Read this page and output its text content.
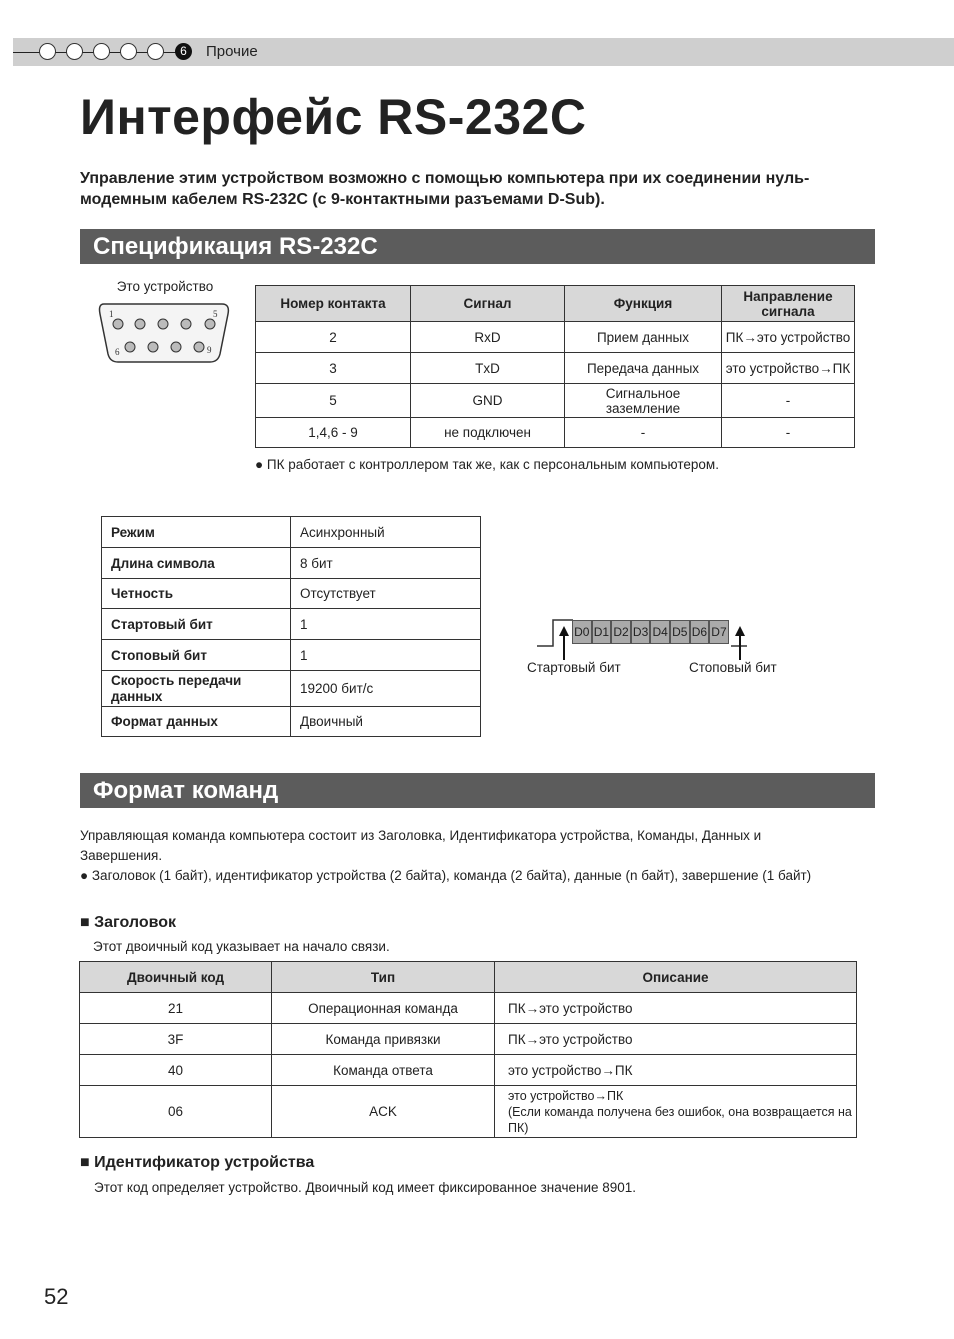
6	Прочие
Интерфейс RS-232C
Управление этим устройством возможно с помощью компьютера при их соединении нуль-модемным кабелем RS-232C (с 9-контактными разъемами D-Sub).
Спецификация RS-232C
Это устройство
1	5
6	9
Номер контакта	Сигнал	Функция	Направление сигнала
2	RxD	Прием данных	ПК→это устройство
3	TxD	Передача данных	это устройство→ПК
5	GND	Сигнальное заземление	-
1,4,6 - 9	не подключен	-	-
● ПК работает с контроллером так же, как с персональным компьютером.
Режим	Асинхронный
Длина символа	8 бит
Четность	Отсутствует
Стартовый бит	1
Стоповый бит	1
Скорость передачи данных	19200 бит/с
Формат данных	Двоичный
D0 D1 D2 D3 D4 D5 D6 D7
Стартовый бит	Стоповый бит
Формат команд
Управляющая команда компьютера состоит из Заголовка, Идентификатора устройства, Команды, Данных и Завершения.
● Заголовок (1 байт), идентификатор устройства (2 байта), команда (2 байта), данные (n байт), завершение (1 байт)
■ Заголовок
Этот двоичный код указывает на начало связи.
Двоичный код	Тип	Описание
21	Операционная команда	ПК→это устройство
3F	Команда привязки	ПК→это устройство
40	Команда ответа	это устройство→ПК
06	ACK	это устройство→ПК
(Если команда получена без ошибок, она возвращается на ПК)
■ Идентификатор устройства
Этот код определяет устройство. Двоичный код имеет фиксированное значение 8901.
52
